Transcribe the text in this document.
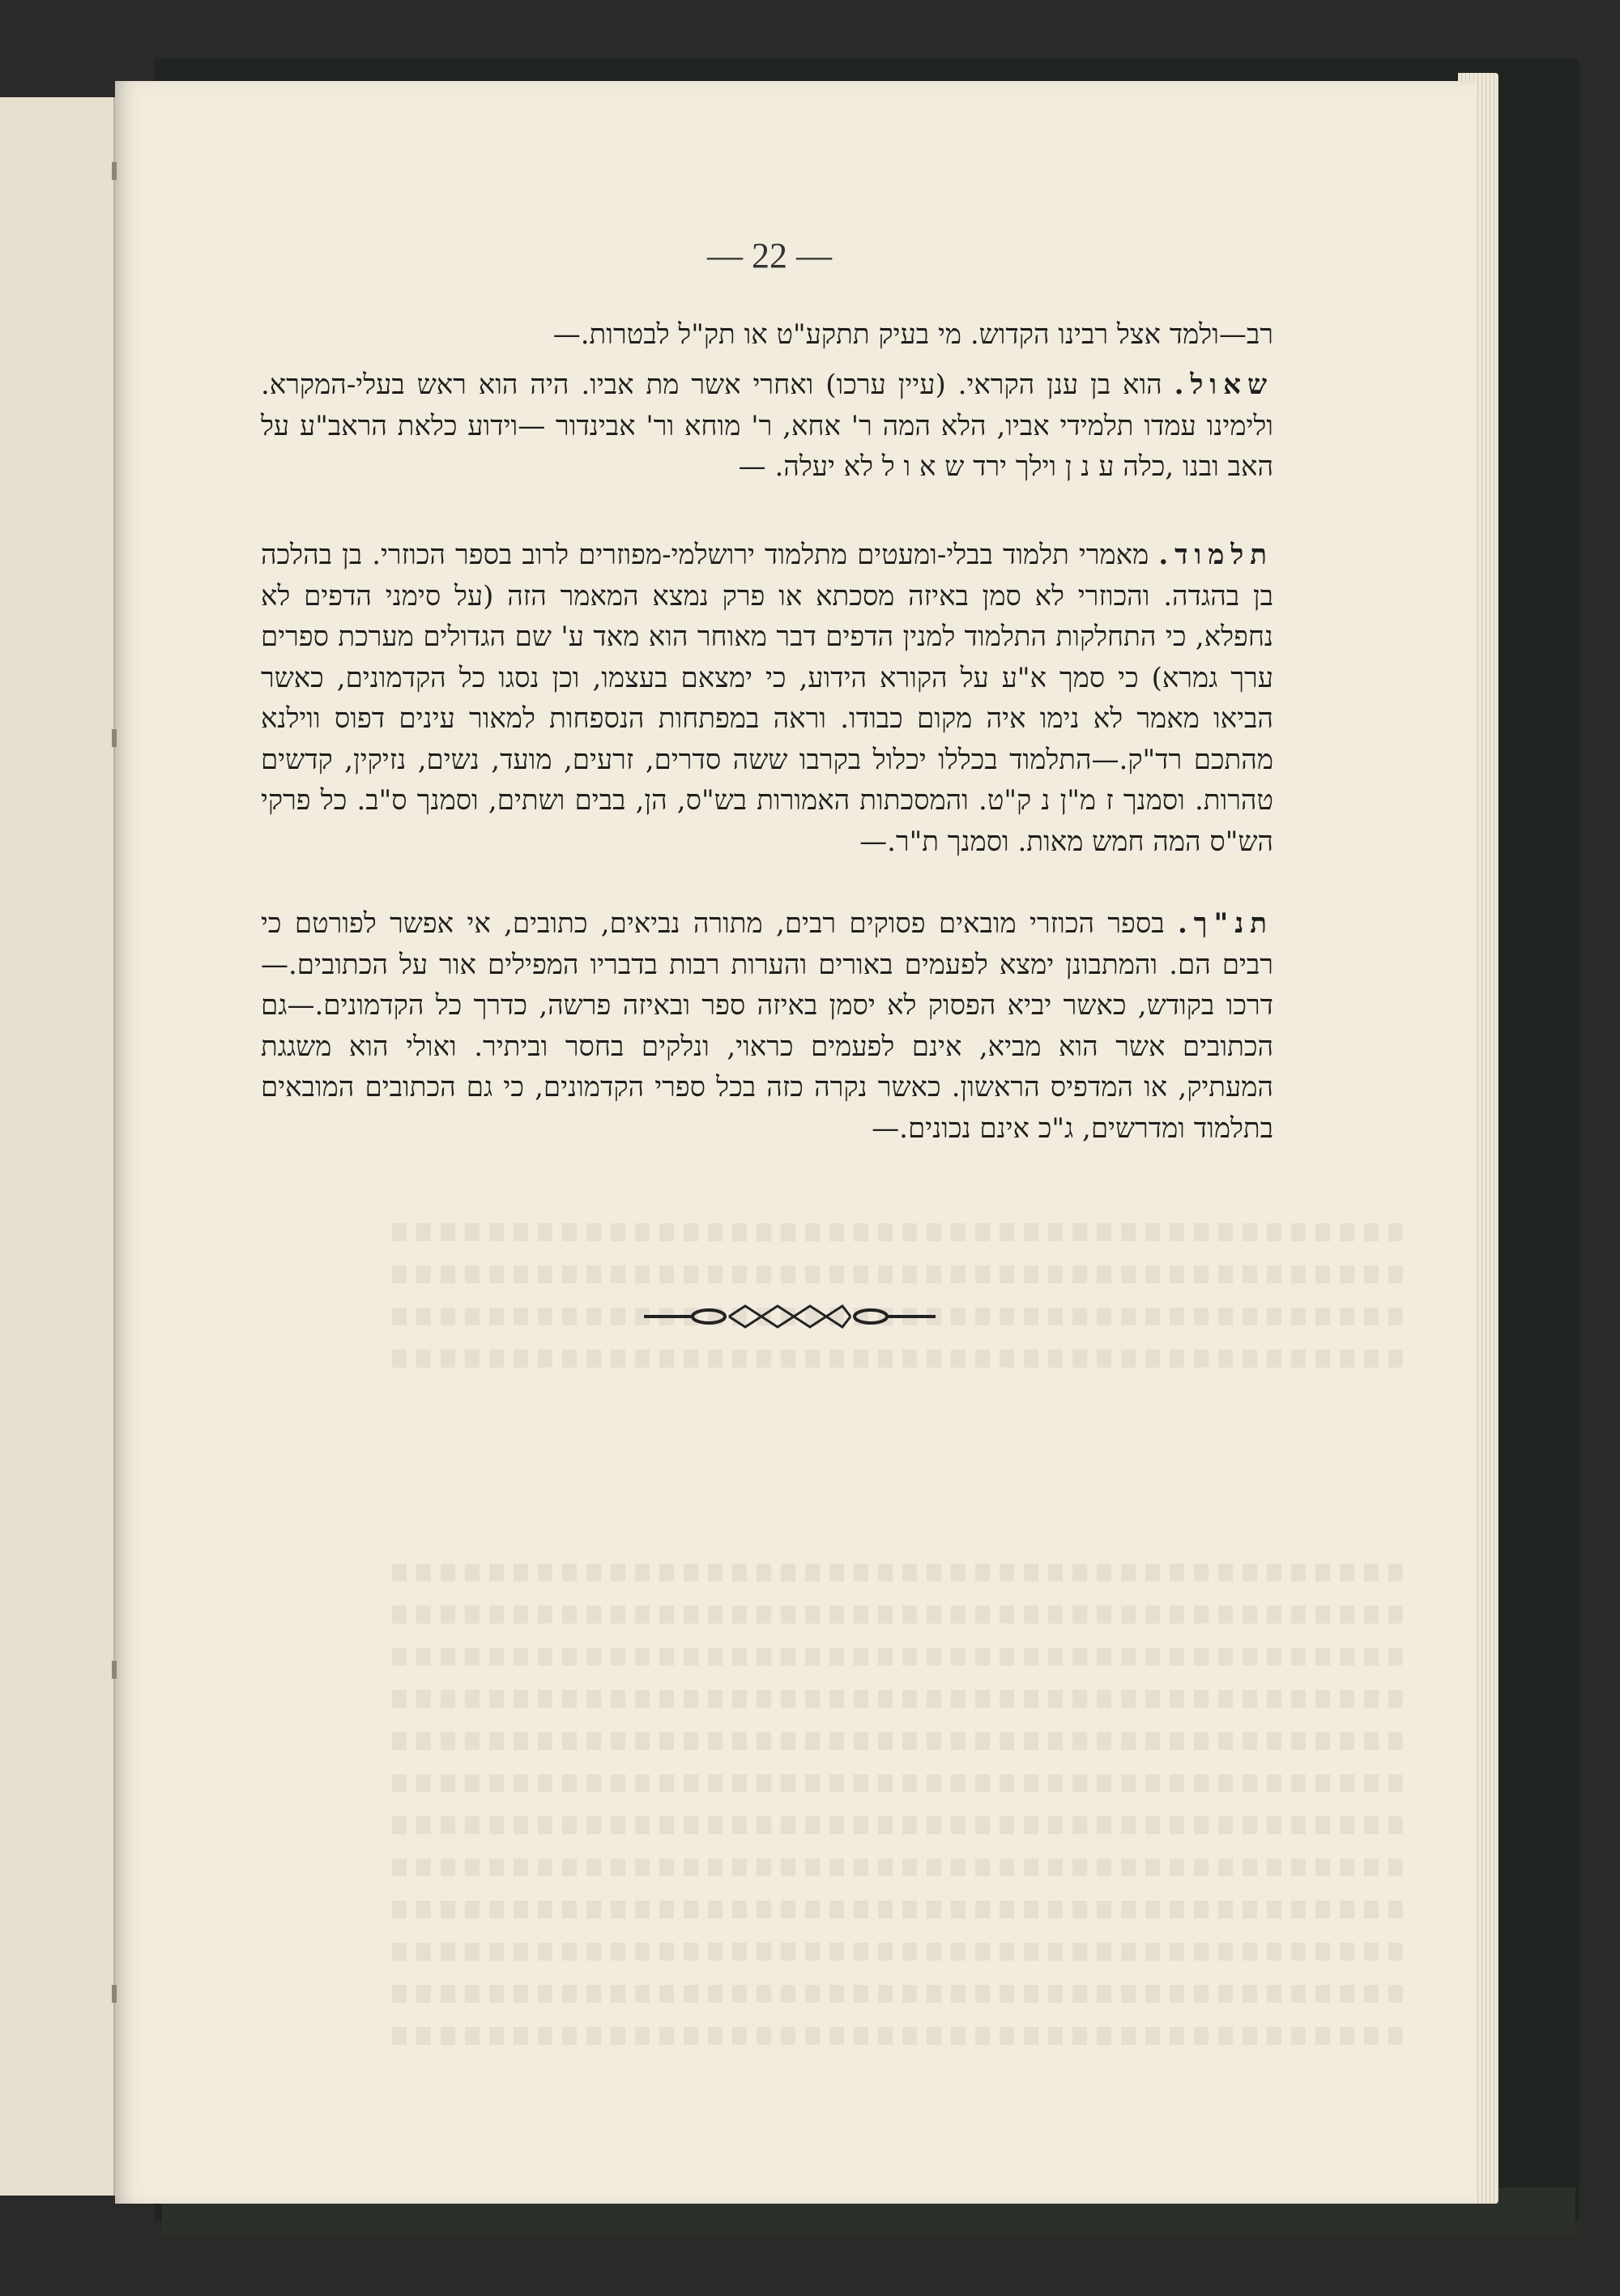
— 22 —
רב—ולמד אצל רבינו הקדוש. מי בעיק תתקע"ט או תק"ל לבטרות.—
שאול. הוא בן ענן הקראי. (עיין ערכו) ואחרי אשר מת אביו. היה הוא ראש בעלי-המקרא. ולימינו עמדו תלמידי אביו, הלא המה ר' אחא, ר' מוחא ור' אבינדור —וידוע כלאת הראב"ע על האב ובנו ,כלה ע נ ן וילך ירד ש א ו ל לא יעלה. —
תלמוד. מאמרי תלמוד בבלי-ומעטים מתלמוד ירושלמי-מפוזרים לרוב בספר הכוזרי. בן בהלכה בן בהגדה. והכוזרי לא סמן באיזה מסכתא או פרק נמצא המאמר הזה (על סימני הדפים לא נחפלא, כי התחלקות התלמוד למנין הדפים דבר מאוחר הוא מאד ע' שם הגדולים מערכת ספרים ערך גמרא) כי סמך א"ע על הקורא הידוע, כי ימצאם בעצמו, וכן נסגו כל הקדמונים, כאשר הביאו מאמר לא נימו איה מקום כבודו. וראה במפתחות הנספחות למאור עינים דפוס ווילנא מהתכם רד"ק.—התלמוד בכללו יכלול בקרבו ששה סדרים, זרעים, מועד, נשים, נזיקין, קדשים טהרות. וסמנך ז מ"ן נ ק"ט. והמסכתות האמורות בש"ס, הן, בבים ושתים, וסמנך ס"ב. כל פרקי הש"ס המה חמש מאות. וסמנך ת"ר.—
תנ"ך. בספר הכוזרי מובאים פסוקים רבים, מתורה נביאים, כתובים, אי אפשר לפורטם כי רבים הם. והמתבונן ימצא לפעמים באורים והערות רבות בדבריו המפילים אור על הכתובים.—דרכו בקודש, כאשר יביא הפסוק לא יסמן באיזה ספר ובאיזה פרשה, כדרך כל הקדמונים.—גם הכתובים אשר הוא מביא, אינם לפעמים כראוי, ונלקים בחסר וביתיר. ואולי הוא משגגת המעתיק, או המדפיס הראשון. כאשר נקרה כזה בכל ספרי הקדמונים, כי גם הכתובים המובאים בתלמוד ומדרשים, ג"כ אינם נכונים.—
